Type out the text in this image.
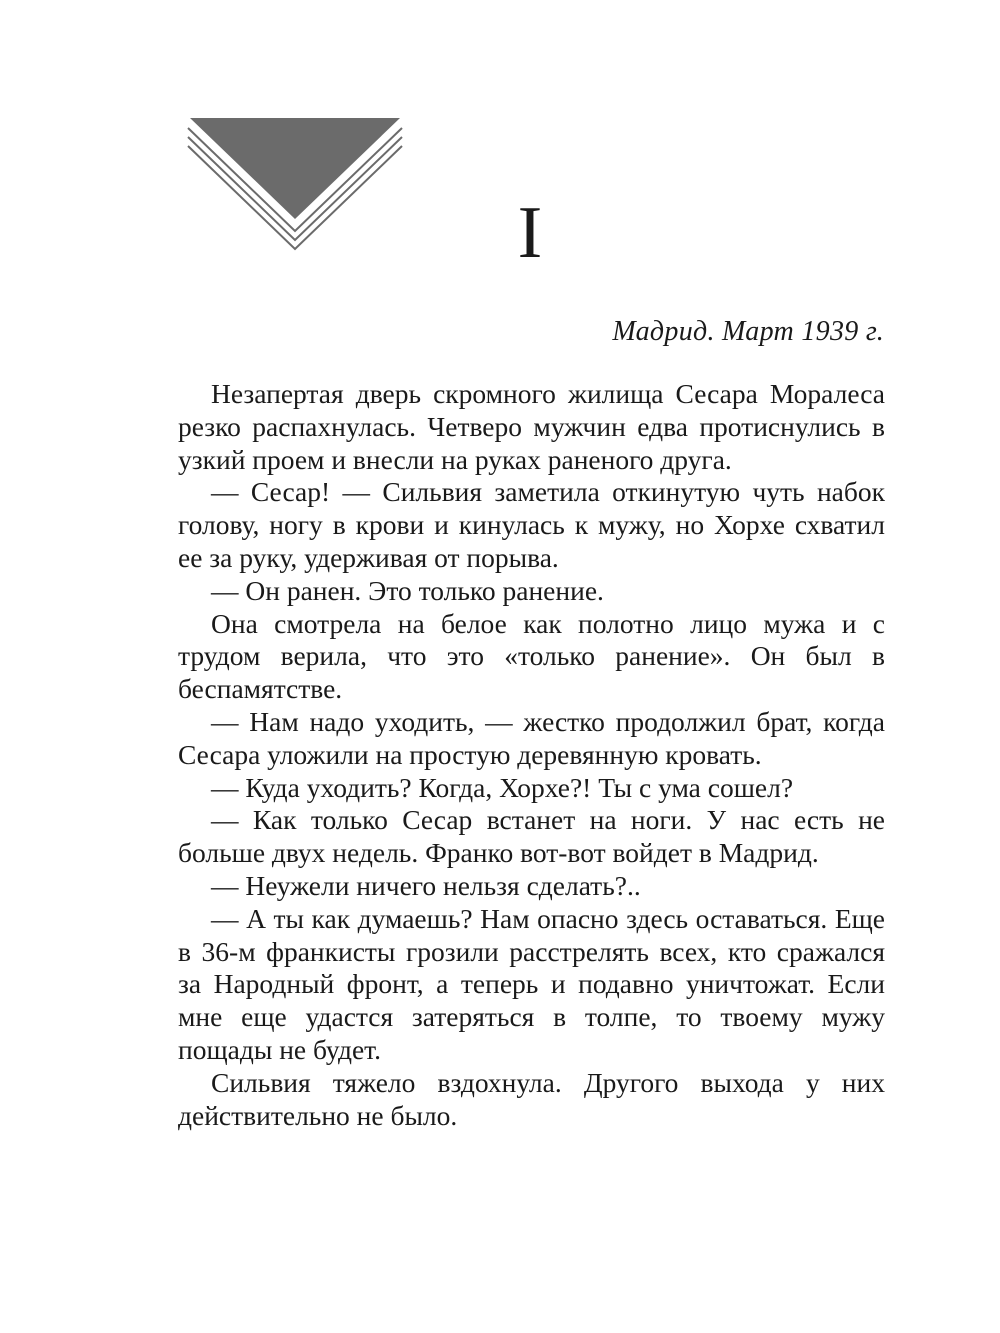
I

Мадрид. Март 1939 г.

Незапертая дверь скромного жилища Сесара Моралеса резко распахнулась. Четверо мужчин едва протиснулись в узкий проем и внесли на руках раненого друга.

— Сесар! — Сильвия заметила откинутую чуть набок голову, ногу в крови и кинулась к мужу, но Хорхе схватил ее за руку, удерживая от порыва.

— Он ранен. Это только ранение.

Она смотрела на белое как полотно лицо мужа и с трудом верила, что это «только ранение». Он был в беспамятстве.

— Нам надо уходить, — жестко продолжил брат, когда Сесара уложили на простую деревянную кровать.

— Куда уходить? Когда, Хорхе?! Ты с ума сошел?

— Как только Сесар встанет на ноги. У нас есть не больше двух недель. Франко вот-вот войдет в Мадрид.

— Неужели ничего нельзя сделать?..

— А ты как думаешь? Нам опасно здесь оставаться. Еще в 36-м франкисты грозили расстрелять всех, кто сражался за Народный фронт, а теперь и подавно уничтожат. Если мне еще удастся затеряться в толпе, то твоему мужу пощады не будет.

Сильвия тяжело вздохнула. Другого выхода у них действительно не было.
